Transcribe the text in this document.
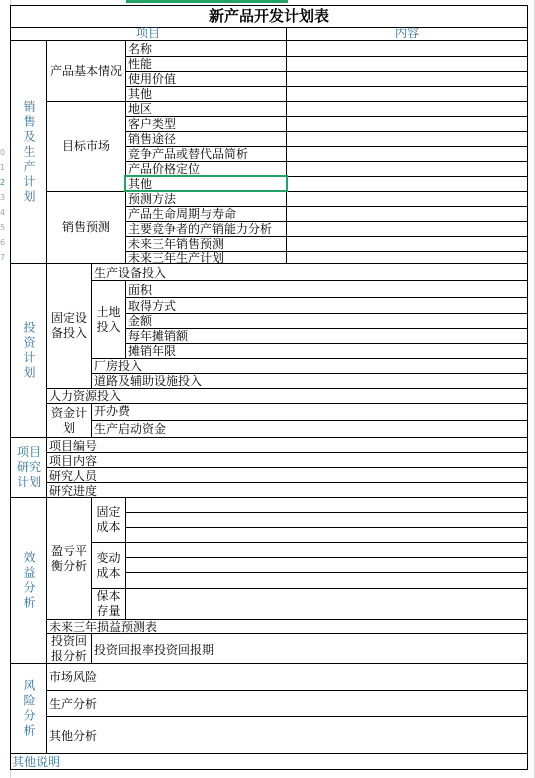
0
1
2
3
4
5
6
7
新产品开发计划表
项目	内容
销售及生产计划
投资计划
项目研究计划
效益分析
风险分析
产品基本情况
目标市场
销售预测
固定设备投入
土地投入
资金计划
盈亏平衡分析
投资回报分析
名称
性能
使用价值
其他
地区
客户类型
销售途径
竞争产品或替代品简析
产品价格定位
其他
预测方法
产品生命周期与寿命
主要竞争者的产销能力分析
未来三年销售预测
未来三年生产计划
生产设备投入
面积
取得方式
金额
每年摊销额
摊销年限
厂房投入
道路及辅助设施投入
人力资源投入
开办费
生产启动资金
项目编号
项目内容
研究人员
研究进度
固定成本
变动成本
保本存量
未来三年损益预测表
投资回报率投资回报期
市场风险
生产分析
其他分析
其他说明
